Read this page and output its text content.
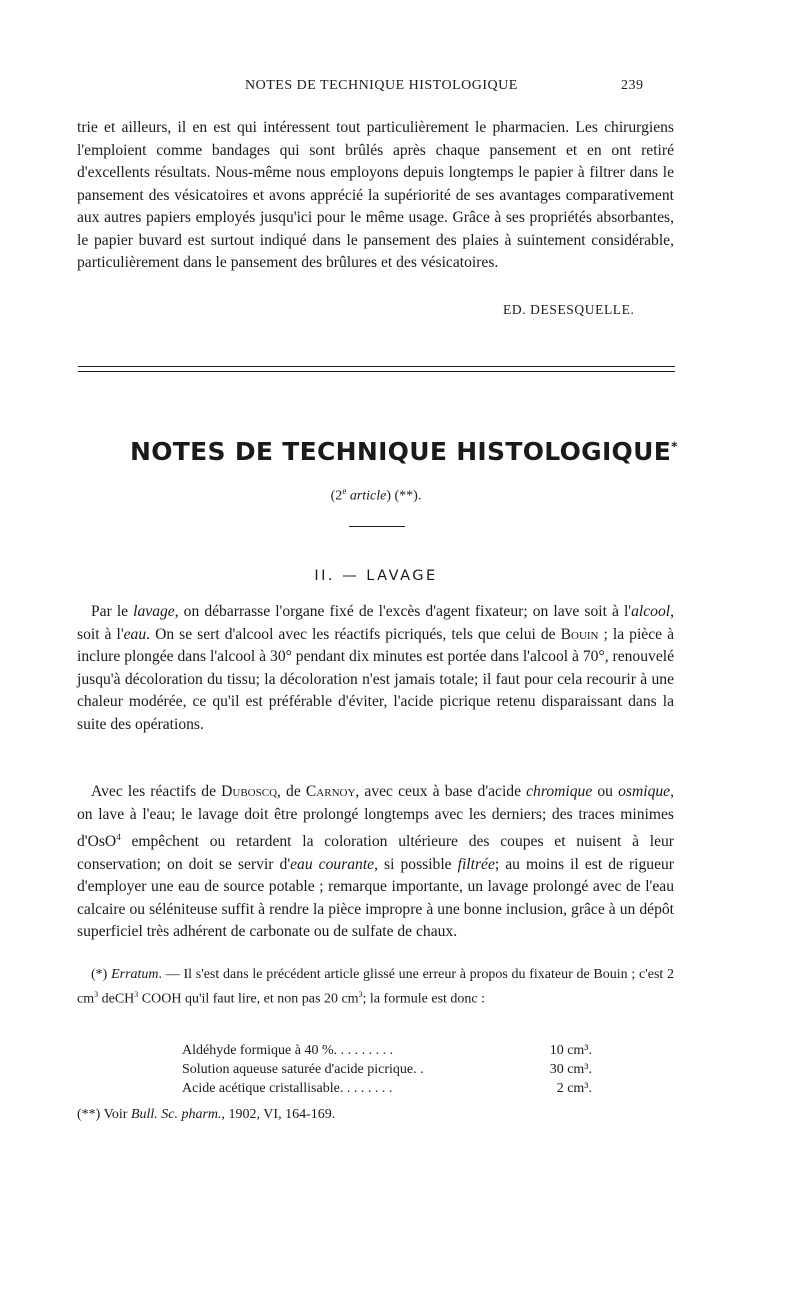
NOTES DE TECHNIQUE HISTOLOGIQUE	239

trie et ailleurs, il en est qui intéressent tout particulièrement le pharmacien. Les chirurgiens l'emploient comme bandages qui sont brûlés après chaque pansement et en ont retiré d'excellents résultats. Nous-même nous employons depuis longtemps le papier à filtrer dans le pansement des vésicatoires et avons apprécié la supériorité de ses avantages comparativement aux autres papiers employés jusqu'ici pour le même usage. Grâce à ses propriétés absorbantes, le papier buvard est surtout indiqué dans le pansement des plaies à suintement considérable, particulièrement dans le pansement des brûlures et des vésicatoires.

ED. DESESQUELLE.
NOTES DE TECHNIQUE HISTOLOGIQUE*
(2e article) (**).
II. — LAVAGE

Par le lavage, on débarrasse l'organe fixé de l'excès d'agent fixateur; on lave soit à l'alcool, soit à l'eau. On se sert d'alcool avec les réactifs picriqués, tels que celui de Bouin ; la pièce à inclure plongée dans l'alcool à 30° pendant dix minutes est portée dans l'alcool à 70°, renouvelé jusqu'à décoloration du tissu; la décoloration n'est jamais totale; il faut pour cela recourir à une chaleur modérée, ce qu'il est préférable d'éviter, l'acide picrique retenu disparaissant dans la suite des opérations.

Avec les réactifs de Duboscq, de Carnoy, avec ceux à base d'acide chromique ou osmique, on lave à l'eau; le lavage doit être prolongé longtemps avec les derniers; des traces minimes d'OsO$^4$ empêchent ou retardent la coloration ultérieure des coupes et nuisent à leur conservation; on doit se servir d'eau courante, si possible filtrée; au moins il est de rigueur d'employer une eau de source potable ; remarque importante, un lavage prolongé avec de l'eau calcaire ou séléniteuse suffit à rendre la pièce impropre à une bonne inclusion, grâce à un dépôt superficiel très adhérent de carbonate ou de sulfate de chaux.

(*) Erratum. — Il s'est dans le précédent article glissé une erreur à propos du fixateur de Bouin ; c'est 2 $cm^3$ deCH$^3$ COOH qu'il faut lire, et non pas 20 $cm^3$; la formule est donc :

Aldéhyde formique à 40 %. . . . . . . . .	10 cm³.
Solution aqueuse saturée d'acide picrique. .	30 cm³.
Acide acétique cristallisable. . . . . . . .	2 cm³.

(**) Voir Bull. Sc. pharm., 1902, VI, 164-169.
